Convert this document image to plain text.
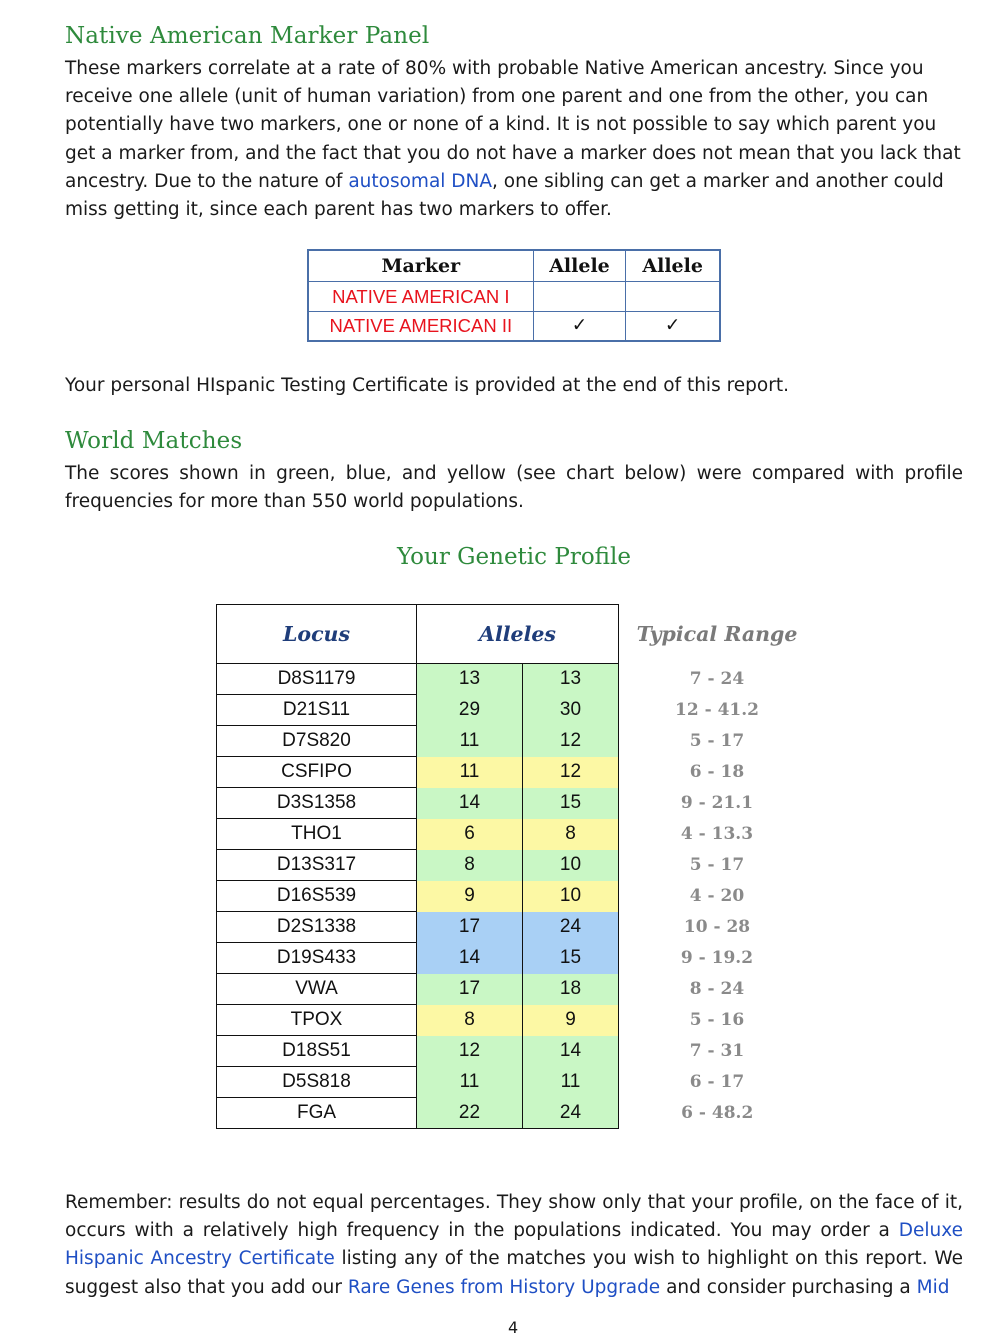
Native American Marker Panel

These markers correlate at a rate of 80% with probable Native American ancestry. Since you receive one allele (unit of human variation) from one parent and one from the other, you can potentially have two markers, one or none of a kind. It is not possible to say which parent you get a marker from, and the fact that you do not have a marker does not mean that you lack that ancestry. Due to the nature of autosomal DNA, one sibling can get a marker and another could miss getting it, since each parent has two markers to offer.

Marker	Allele	Allele
NATIVE AMERICAN I		
NATIVE AMERICAN II	✓	✓

Your personal HIspanic Testing Certificate is provided at the end of this report.

World Matches

The scores shown in green, blue, and yellow (see chart below) were compared with profile frequencies for more than 550 world populations.

Your Genetic Profile
Locus	Alleles		Typical Range
D8S1179	13	13	7 - 24
D21S11	29	30	12 - 41.2
D7S820	11	12	5 - 17
CSFIPO	11	12	6 - 18
D3S1358	14	15	9 - 21.1
THO1	6	8	4 - 13.3
D13S317	8	10	5 - 17
D16S539	9	10	4 - 20
D2S1338	17	24	10 - 28
D19S433	14	15	9 - 19.2
VWA	17	18	8 - 24
TPOX	8	9	5 - 16
D18S51	12	14	7 - 31
D5S818	11	11	6 - 17
FGA	22	24	6 - 48.2

Remember: results do not equal percentages. They show only that your profile, on the face of it, occurs with a relatively high frequency in the populations indicated. You may order a Deluxe Hispanic Ancestry Certificate listing any of the matches you wish to highlight on this report. We suggest also that you add our Rare Genes from History Upgrade and consider purchasing a Mid

4
